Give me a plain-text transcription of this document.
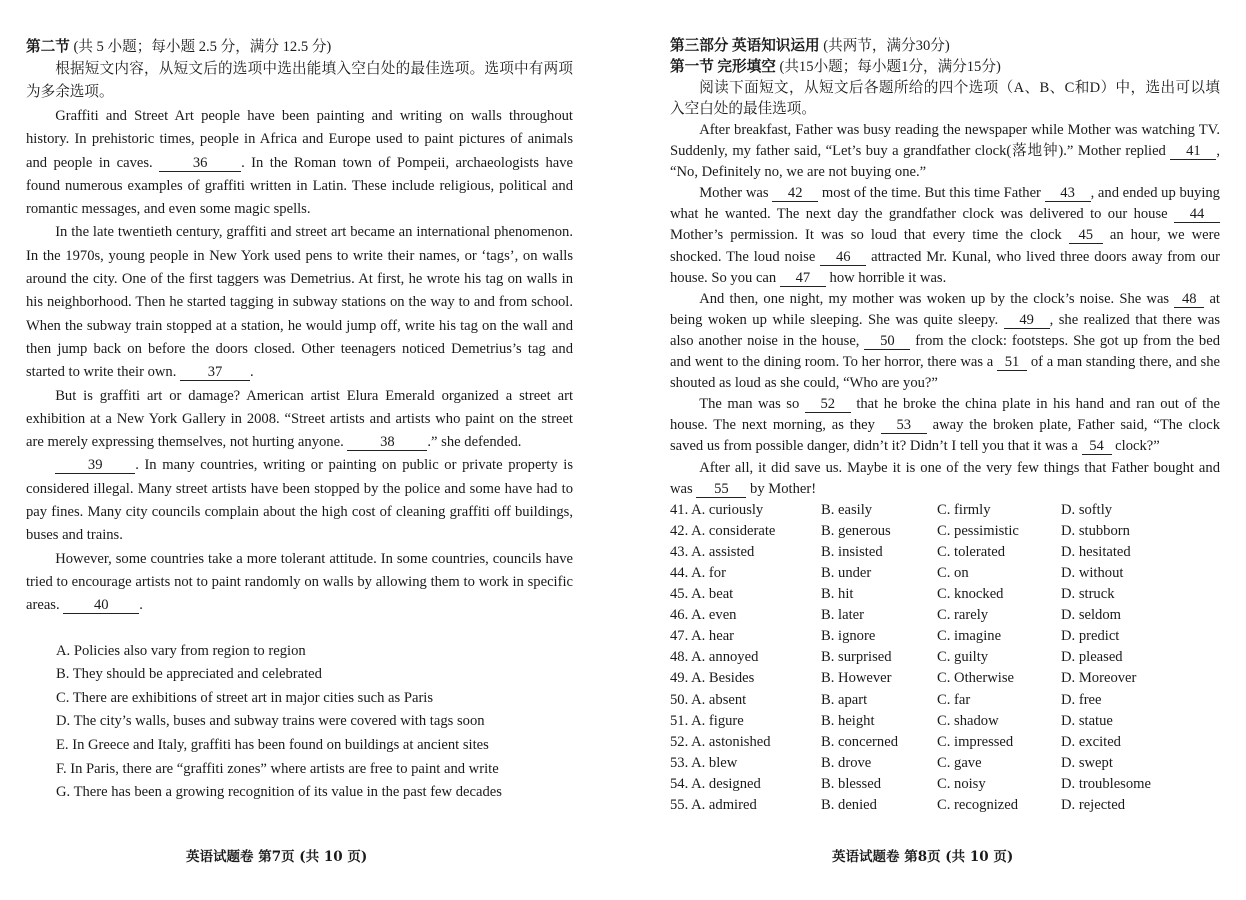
第二节 (共 5 小题；每小题 2.5 分，满分 12.5 分)

根据短文内容，从短文后的选项中选出能填入空白处的最佳选项。选项中有两项为多余选项。

Graffiti and Street Art people have been painting and writing on walls throughout history. In prehistoric times, people in Africa and Europe used to paint pictures of animals and people in caves.	36 . In the Roman town of Pompeii, archaeologists have found numerous examples of graffiti written in Latin. These include religious, political and romantic messages, and even some magic spells.

In the late twentieth century, graffiti and street art became an international phenomenon. In the 1970s, young people in New York used pens to write their names, or ‘tags’, on walls around the city. One of the first taggers was Demetrius. At first, he wrote his tag on walls in his neighborhood. Then he started tagging in subway stations on the way to and from school. When the subway train stopped at a station, he would jump off, write his tag on the wall and then jump back on before the doors closed. Other teenagers noticed Demetrius’s tag and started to write their own. 37 .

But is graffiti art or damage? American artist Elura Emerald organized a street art exhibition at a New York Gallery in 2008. “Street artists and artists who paint on the street are merely expressing themselves, not hurting anyone. 38 .” she defended.

39 . In many countries, writing or painting on public or private property is considered illegal. Many street artists have been stopped by the police and some have had to pay fines. Many city councils complain about the high cost of cleaning graffiti off buildings, buses and trains.

However, some countries take a more tolerant attitude. In some countries, councils have tried to encourage artists not to paint randomly on walls by allowing them to work in specific areas. 40 .

A. Policies also vary from region to region

B. They should be appreciated and celebrated

C. There are exhibitions of street art in major cities such as Paris

D. The city’s walls, buses and subway trains were covered with tags soon

E. In Greece and Italy, graffiti has been found on buildings at ancient sites

F. In Paris, there are “graffiti zones” where artists are free to paint and write

G. There has been a growing recognition of its value in the past few decades

英语试题卷 第7页 (共 10 页)

第三部分 英语知识运用 (共两节，满分30分)

第一节 完形填空 (共15小题；每小题1分，满分15分)

阅读下面短文，从短文后各题所给的四个选项（A、B、C和D）中，选出可以填入空白处的最佳选项。

After breakfast, Father was busy reading the newspaper while Mother was watching TV. Suddenly, my father said, “Let’s buy a grandfather clock(落地钟).” Mother replied 41 , “No, Definitely no, we are not buying one.”

Mother was 42 most of the time. But this time Father 43 , and ended up buying what he wanted. The next day the grandfather clock was delivered to our house 44 Mother’s permission. It was so loud that every time the clock 45 an hour, we were shocked. The loud noise 46 attracted Mr. Kunal, who lived three doors away from our house. So you can 47 how horrible it was.

And then, one night, my mother was woken up by the clock’s noise. She was 48 at being woken up while sleeping. She was quite sleepy. 49 , she realized that there was also another noise in the house, 50 from the clock: footsteps. She got up from the bed and went to the dining room. To her horror, there was a 51 of a man standing there, and she shouted as loud as she could, “Who are you?”

The man was so 52 that he broke the china plate in his hand and ran out of the house. The next morning, as they 53 away the broken plate, Father said, “The clock saved us from possible danger, didn’t it? Didn’t I tell you that it was a 54 clock?”

After all, it did save us. Maybe it is one of the very few things that Father bought and was 55 by Mother!

41. A. curiously	B. easily	C. firmly	D. softly
42. A. considerate	B. generous	C. pessimistic	D. stubborn
43. A. assisted	B. insisted	C. tolerated	D. hesitated
44. A. for	B. under	C. on	D. without
45. A. beat	B. hit	C. knocked	D. struck
46. A. even	B. later	C. rarely	D. seldom
47. A. hear	B. ignore	C. imagine	D. predict
48. A. annoyed	B. surprised	C. guilty	D. pleased
49. A. Besides	B. However	C. Otherwise	D. Moreover
50. A. absent	B. apart	C. far	D. free
51. A. figure	B. height	C. shadow	D. statue
52. A. astonished	B. concerned	C. impressed	D. excited
53. A. blew	B. drove	C. gave	D. swept
54. A. designed	B. blessed	C. noisy	D. troublesome
55. A. admired	B. denied	C. recognized	D. rejected
英语试题卷 第8页 (共 10 页)
